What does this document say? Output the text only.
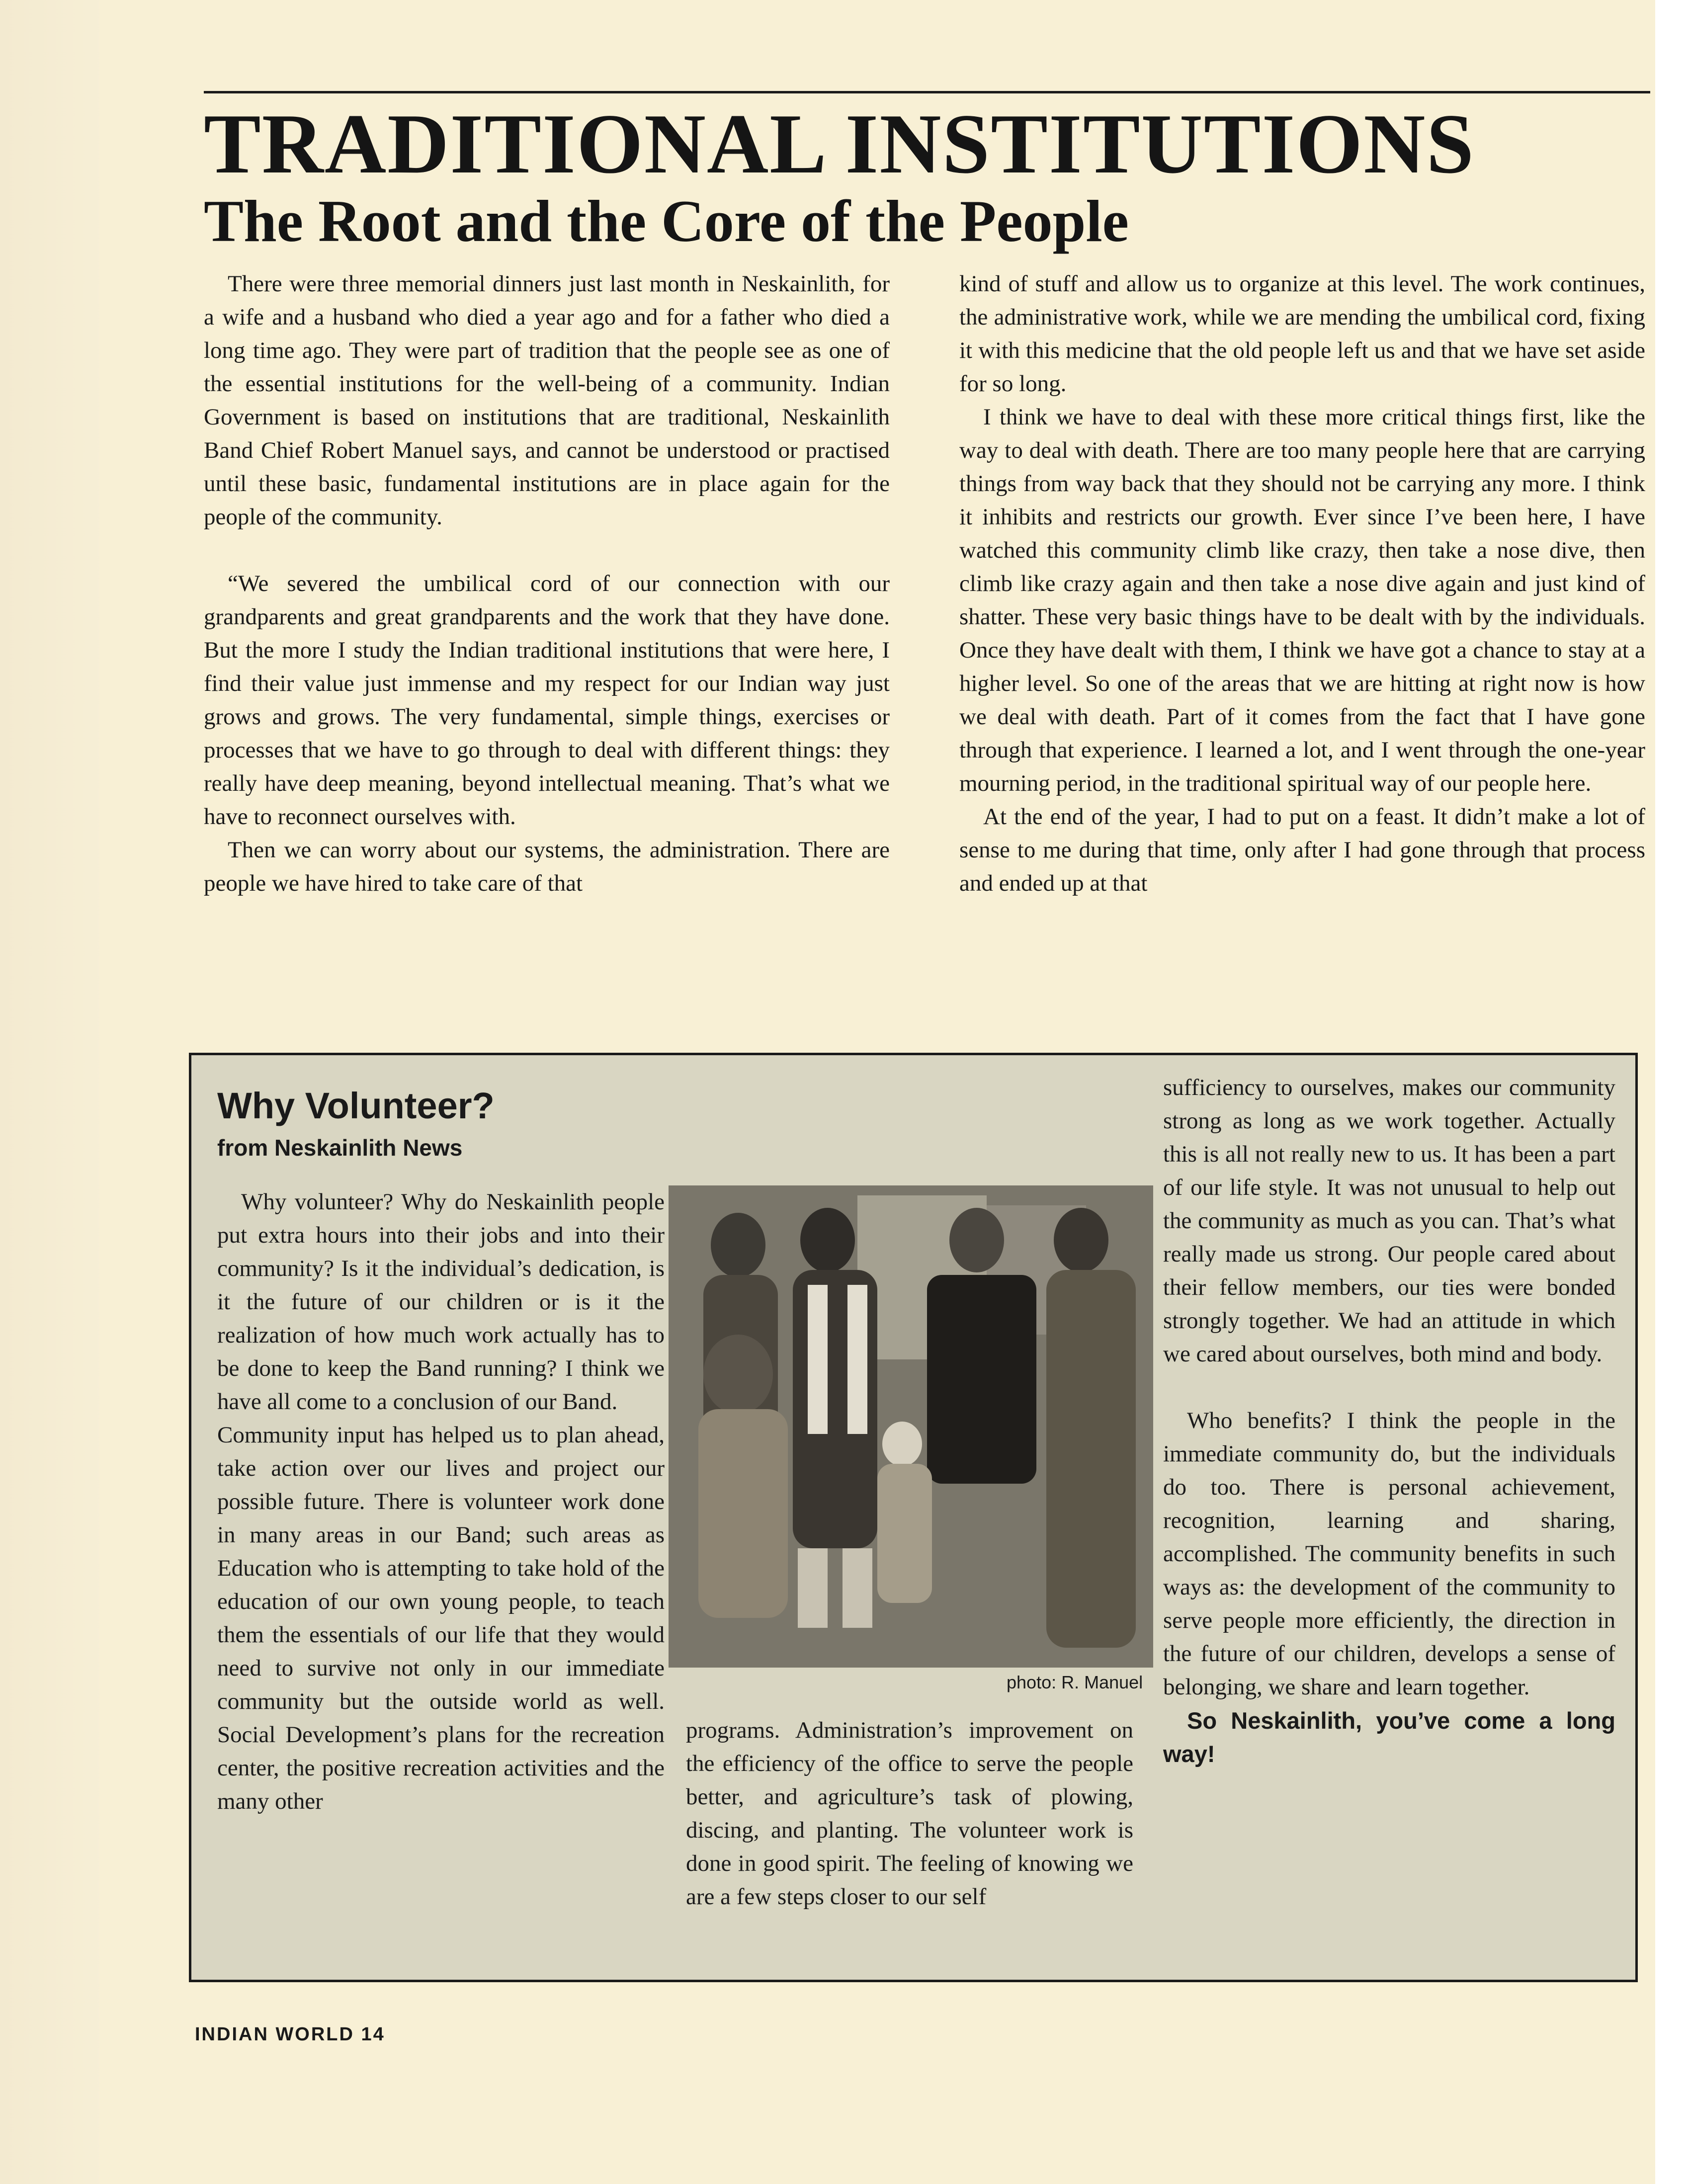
TRADITIONAL INSTITUTIONS
The Root and the Core of the People

There were three memorial dinners just last month in Neskainlith, for a wife and a husband who died a year ago and for a father who died a long time ago. They were part of tradition that the people see as one of the essential institutions for the well-being of a community. Indian Government is based on institutions that are traditional, Neskainlith Band Chief Robert Manuel says, and cannot be understood or practised until these basic, fundamental institutions are in place again for the people of the community.

“We severed the umbilical cord of our connection with our grandparents and great grandparents and the work that they have done. But the more I study the Indian traditional institutions that were here, I find their value just immense and my respect for our Indian way just grows and grows. The very fundamental, simple things, exercises or processes that we have to go through to deal with different things: they really have deep meaning, beyond intellectual meaning. That’s what we have to reconnect ourselves with.

Then we can worry about our systems, the administration. There are people we have hired to take care of that

kind of stuff and allow us to organize at this level. The work continues, the administrative work, while we are mending the umbilical cord, fixing it with this medicine that the old people left us and that we have set aside for so long.

I think we have to deal with these more critical things first, like the way to deal with death. There are too many people here that are carrying things from way back that they should not be carrying any more. I think it inhibits and restricts our growth. Ever since I’ve been here, I have watched this community climb like crazy, then take a nose dive, then climb like crazy again and then take a nose dive again and just kind of shatter. These very basic things have to be dealt with by the individuals. Once they have dealt with them, I think we have got a chance to stay at a higher level. So one of the areas that we are hitting at right now is how we deal with death. Part of it comes from the fact that I have gone through that experience. I learned a lot, and I went through the one-year mourning period, in the traditional spiritual way of our people here.

At the end of the year, I had to put on a feast. It didn’t make a lot of sense to me during that time, only after I had gone through that process and ended up at that

Why Volunteer?

from Neskainlith News

Why volunteer? Why do Neskainlith people put extra hours into their jobs and into their community? Is it the individual’s dedication, is it the future of our children or is it the realization of how much work actually has to be done to keep the Band running? I think we have all come to a conclusion of our Band.

Community input has helped us to plan ahead, take action over our lives and project our possible future. There is volunteer work done in many areas in our Band; such areas as Education who is attempting to take hold of the education of our own young people, to teach them the essentials of our life that they would need to survive not only in our immediate community but the outside world as well. Social Development’s plans for the recreation center, the positive recreation activities and the many other

photo: R. Manuel

programs. Administration’s improvement on the efficiency of the office to serve the people better, and agriculture’s task of plowing, discing, and planting. The volunteer work is done in good spirit. The feeling of knowing we are a few steps closer to our self

sufficiency to ourselves, makes our community strong as long as we work together. Actually this is all not really new to us. It has been a part of our life style. It was not unusual to help out the community as much as you can. That’s what really made us strong. Our people cared about their fellow members, our ties were bonded strongly together. We had an attitude in which we cared about ourselves, both mind and body.

Who benefits? I think the people in the immediate community do, but the individuals do too. There is personal achievement, recognition, learning and sharing, accomplished. The community benefits in such ways as: the development of the community to serve people more efficiently, the direction in the future of our children, develops a sense of belonging, we share and learn together.

So Neskainlith, you’ve come a long way!

INDIAN WORLD 14
